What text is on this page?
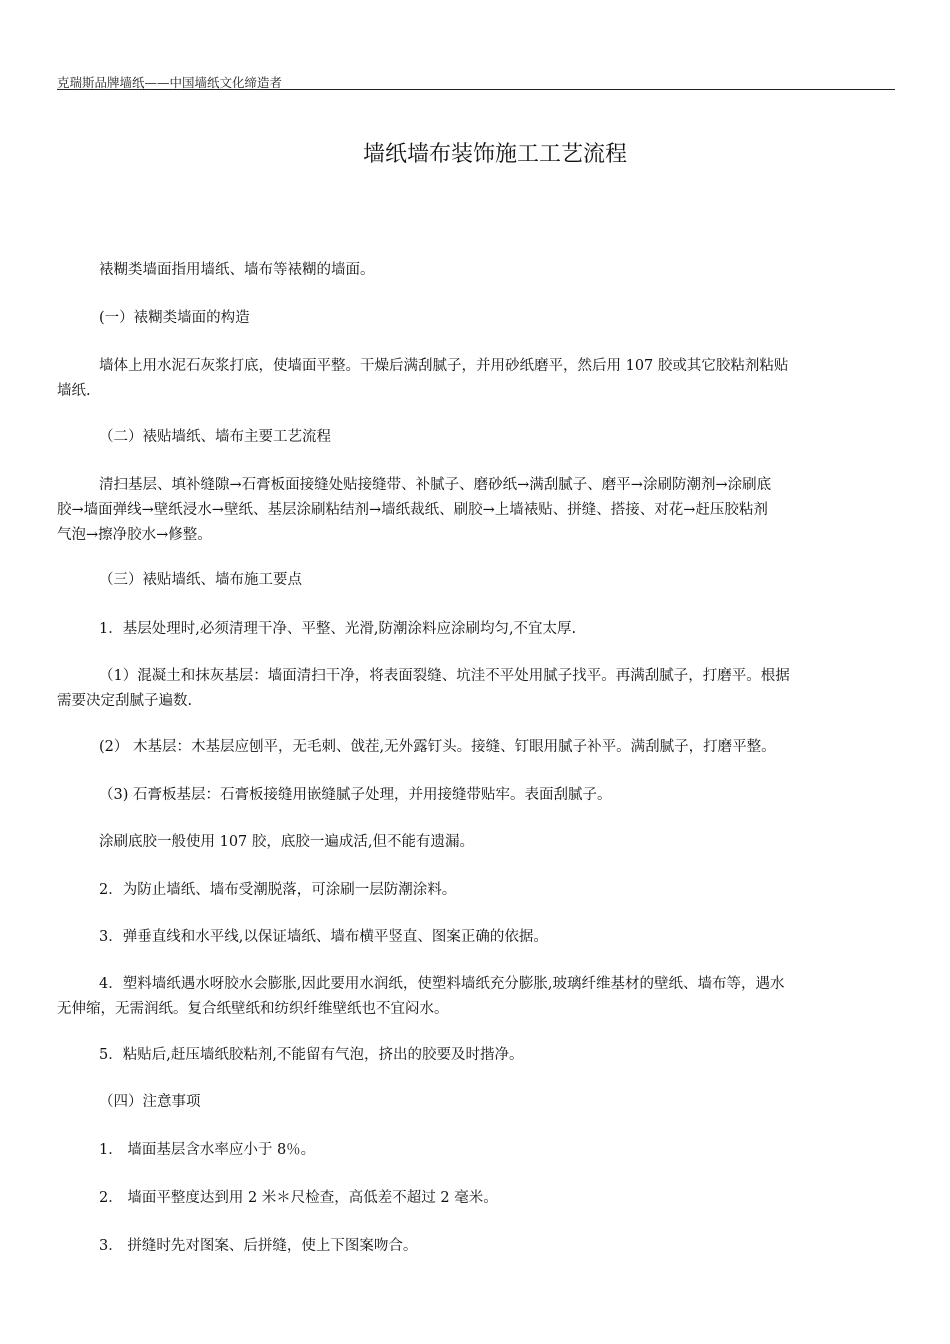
克瑞斯品牌墙纸——中国墙纸文化缔造者
墙纸墙布装饰施工工艺流程
裱糊类墙面指用墙纸、墙布等裱糊的墙面。
(一）裱糊类墙面的构造
墙体上用水泥石灰浆打底，使墙面平整。干燥后满刮腻子，并用砂纸磨平，然后用 107 胶或其它胶粘剂粘贴
墙纸.
（二）裱贴墙纸、墙布主要工艺流程
清扫基层、填补缝隙→石膏板面接缝处贴接缝带、补腻子、磨砂纸→满刮腻子、磨平→涂刷防潮剂→涂刷底
胶→墙面弹线→壁纸浸水→壁纸、基层涂刷粘结剂→墙纸裁纸、刷胶→上墙裱贴、拼缝、搭接、对花→赶压胶粘剂
气泡→擦净胶水→修整。
（三）裱贴墙纸、墙布施工要点
1．基层处理时,必须清理干净、平整、光滑,防潮涂料应涂刷均匀,不宜太厚.
（1）混凝土和抹灰基层：墙面清扫干净，将表面裂缝、坑洼不平处用腻子找平。再满刮腻子，打磨平。根据
需要决定刮腻子遍数.
(2） 木基层：木基层应刨平，无毛刺、戗茬,无外露钉头。接缝、钉眼用腻子补平。满刮腻子，打磨平整。
（3) 石膏板基层：石膏板接缝用嵌缝腻子处理，并用接缝带贴牢。表面刮腻子。
涂刷底胶一般使用 107 胶，底胶一遍成活,但不能有遗漏。
2．为防止墙纸、墙布受潮脱落，可涂刷一层防潮涂料。
3．弹垂直线和水平线,以保证墙纸、墙布横平竖直、图案正确的依据。
4．塑料墙纸遇水呀胶水会膨胀,因此要用水润纸，使塑料墙纸充分膨胀,玻璃纤维基材的壁纸、墙布等，遇水
无伸缩，无需润纸。复合纸壁纸和纺织纤维壁纸也不宜闷水。
5．粘贴后,赶压墙纸胶粘剂,不能留有气泡，挤出的胶要及时揩净。
（四）注意事项
1． 墙面基层含水率应小于 8％。
2． 墙面平整度达到用 2 米＊尺检查，高低差不超过 2 毫米。
3． 拼缝时先对图案、后拼缝，使上下图案吻合。
